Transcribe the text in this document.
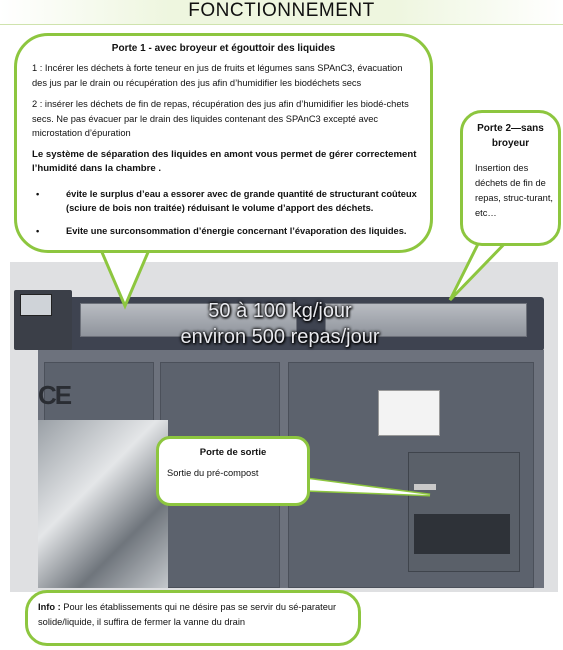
FONCTIONNEMENT
CE
50 à 100 kg/jour
environ 500 repas/jour
Porte 1 - avec broyeur et égouttoir des liquides

1 : Incérer les déchets à forte teneur en jus de fruits et légumes sans SPAnC3, évacuation des jus par le drain ou récupération des jus afin d’humidifier les biodéchets secs

2 : insérer les déchets de fin de repas, récupération des jus afin d’humidifier les biodé-chets secs. Ne pas évacuer par le drain des liquides contenant des SPAnC3 excepté avec microstation d’épuration

Le système de séparation des liquides en amont vous permet de gérer correctement l’humidité dans la chambre .

•	évite le surplus d’eau a essorer avec de grande quantité de structurant coûteux (sciure de bois non traitée) réduisant le volume d’apport des déchets.
•	Evite une surconsommation d’énergie concernant l’évaporation des liquides.
Porte 2—sans broyeur
Insertion des déchets de fin de repas, struc-turant, etc…
Porte de sortie
Sortie du pré-compost
Info : Pour les établissements qui ne désire pas se servir du sé-parateur solide/liquide, il suffira de fermer la vanne du drain
